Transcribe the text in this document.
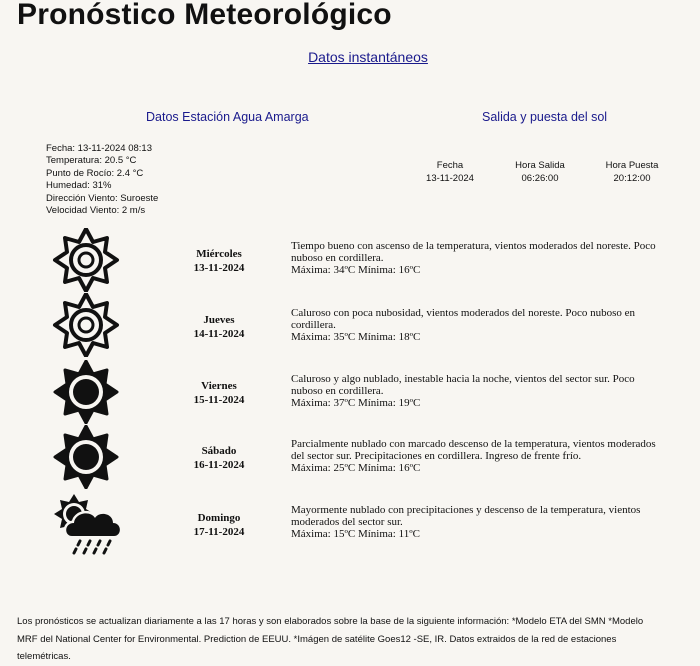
Pronóstico Meteorológico
Datos instantáneos
Datos Estación Agua Amarga	Salida y puesta del sol
Fecha: 13-11-2024 08:13
Temperatura: 20.5 °C
Punto de Rocío: 2.4 °C
Humedad: 31%
Dirección Viento: Suroeste
Velocidad Viento: 2 m/s
Fecha
13-11-2024
Hora Salida
06:26:00
Hora Puesta
20:12:00
Miércoles
13-11-2024
Tiempo bueno con ascenso de la temperatura, vientos moderados del noreste. Poco
nuboso en cordillera.
Máxima: 34ºC Mínima: 16ºC
Jueves
14-11-2024
Caluroso con poca nubosidad, vientos moderados del noreste. Poco nuboso en
cordillera.
Máxima: 35ºC Mínima: 18ºC
Viernes
15-11-2024
Caluroso y algo nublado, inestable hacia la noche, vientos del sector sur. Poco
nuboso en cordillera.
Máxima: 37ºC Mínima: 19ºC
Sábado
16-11-2024
Parcialmente nublado con marcado descenso de la temperatura, vientos moderados
del sector sur. Precipitaciones en cordillera. Ingreso de frente frío.
Máxima: 25ºC Mínima: 16ºC
Domingo
17-11-2024
Mayormente nublado con precipitaciones y descenso de la temperatura, vientos
moderados del sector sur.
Máxima: 15ºC Mínima: 11ºC
Los pronósticos se actualizan diariamente a las 17 horas y son elaborados sobre la base de la siguiente información: *Modelo ETA del SMN *Modelo
MRF del National Center for Environmental. Prediction de EEUU. *Imágen de satélite Goes12 -SE, IR. Datos extraidos de la red de estaciones
telemétricas.
